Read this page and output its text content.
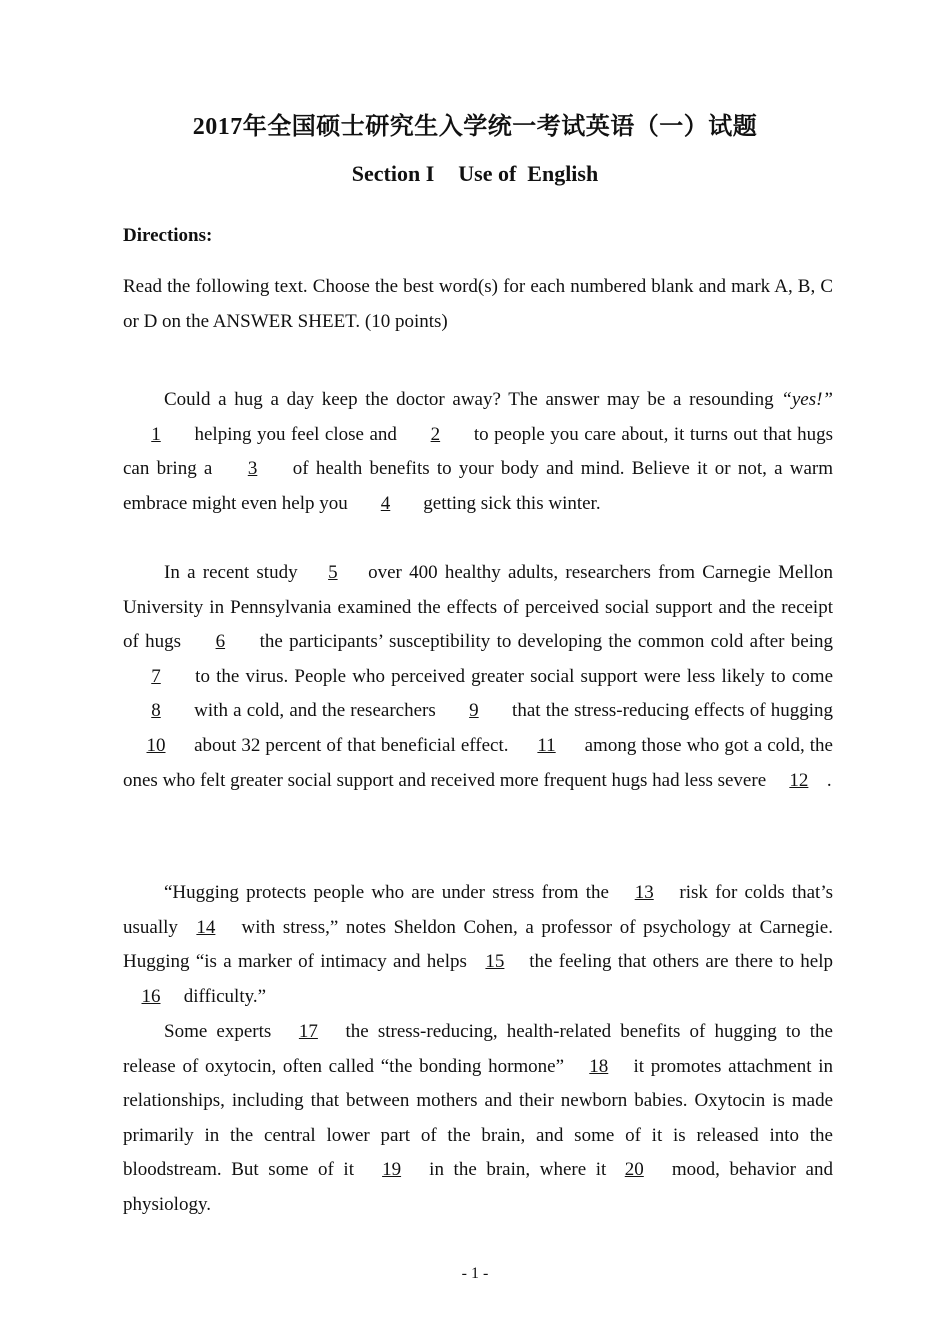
2017年全国硕士研究生入学统一考试英语（一）试题
Section I Use of  English
Directions:
Read the following text. Choose the best word(s) for each numbered blank and mark A, B, C or D on the ANSWER SHEET. (10 points)
Could a hug a day keep the doctor away? The answer may be a resounding “yes!” 1 helping you feel close and 2 to people you care about, it turns out that hugs can bring a 3 of health benefits to your body and mind. Believe it or not, a warm embrace might even help you 4 getting sick this winter.
In a recent study 5 over 400 healthy adults, researchers from Carnegie Mellon University in Pennsylvania examined the effects of perceived social support and the receipt of hugs 6 the participants’ susceptibility to developing the common cold after being 7 to the virus. People who perceived greater social support were less likely to come 8 with a cold, and the researchers 9 that the stress-reducing effects of hugging 10 about 32 percent of that beneficial effect. 11 among those who got a cold, the ones who felt greater social support and received more frequent hugs had less severe 12 .
“Hugging protects people who are under stress from the 13 risk for colds that’s usually 14 with stress,” notes Sheldon Cohen, a professor of psychology at Carnegie. Hugging “is a marker of intimacy and helps 15 the feeling that others are there to help 16 difficulty.”
Some experts 17 the stress-reducing, health-related benefits of hugging to the release of oxytocin, often called “the bonding hormone” 18 it promotes attachment in relationships, including that between mothers and their newborn babies. Oxytocin is made primarily in the central lower part of the brain, and some of it is released into the bloodstream. But some of it 19 in the brain, where it 20 mood, behavior and physiology.
- 1 -
